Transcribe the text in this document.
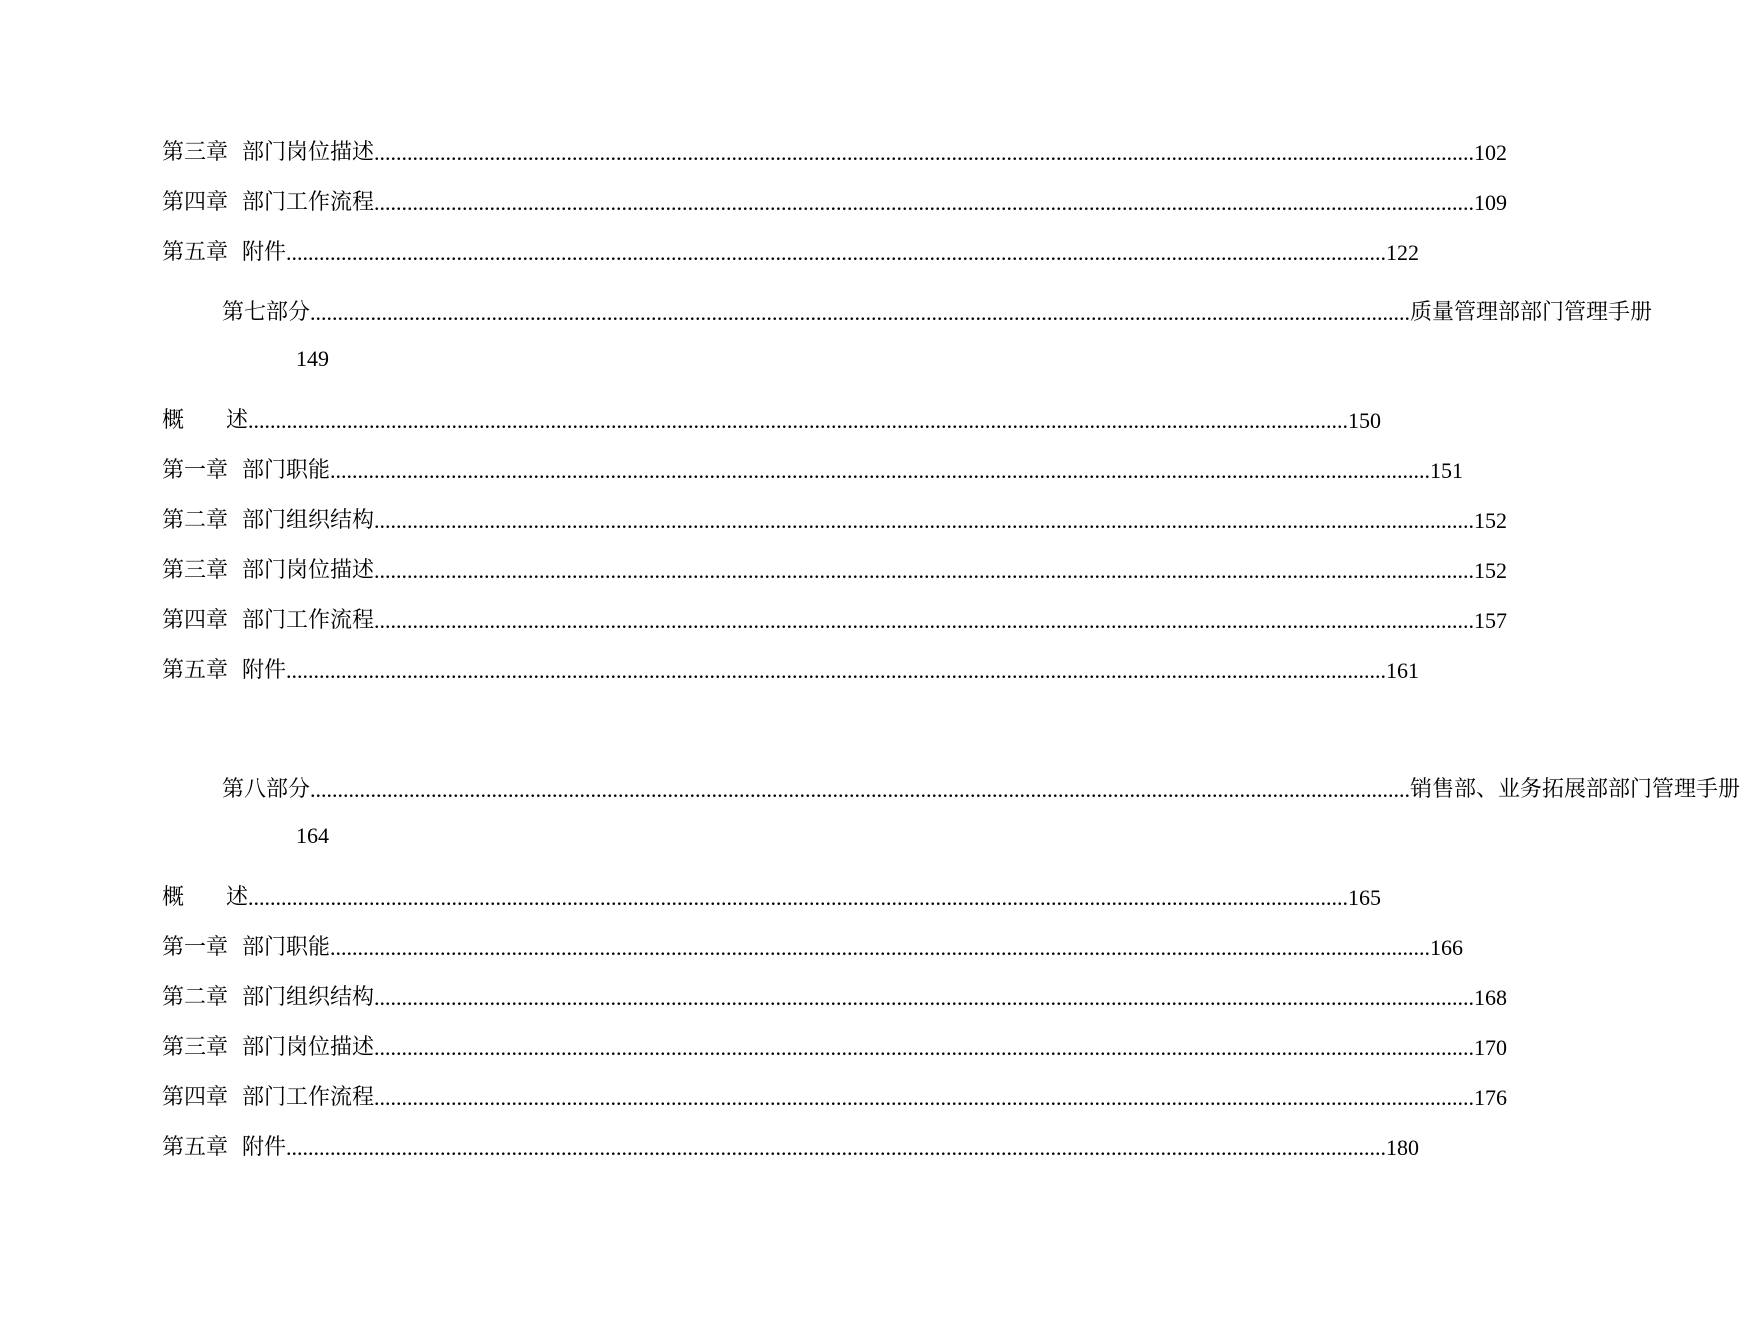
第三章 部门岗位描述 ........................................................................................................................................................................................................ 102
第四章 部门工作流程 ........................................................................................................................................................................................................ 109
第五章 附件 ........................................................................................................................................................................................................ 122
第七部分 ........................................................................................................................................................................................................ 质量管理部部门管理手册
149
概 述 ........................................................................................................................................................................................................ 150
第一章 部门职能 ........................................................................................................................................................................................................ 151
第二章 部门组织结构 ........................................................................................................................................................................................................ 152
第三章 部门岗位描述 ........................................................................................................................................................................................................ 152
第四章 部门工作流程 ........................................................................................................................................................................................................ 157
第五章 附件 ........................................................................................................................................................................................................ 161
第八部分 ........................................................................................................................................................................................................ 销售部、业务拓展部部门管理手册
164
概 述 ........................................................................................................................................................................................................ 165
第一章 部门职能 ........................................................................................................................................................................................................ 166
第二章 部门组织结构 ........................................................................................................................................................................................................ 168
第三章 部门岗位描述 ........................................................................................................................................................................................................ 170
第四章 部门工作流程 ........................................................................................................................................................................................................ 176
第五章 附件 ........................................................................................................................................................................................................ 180
